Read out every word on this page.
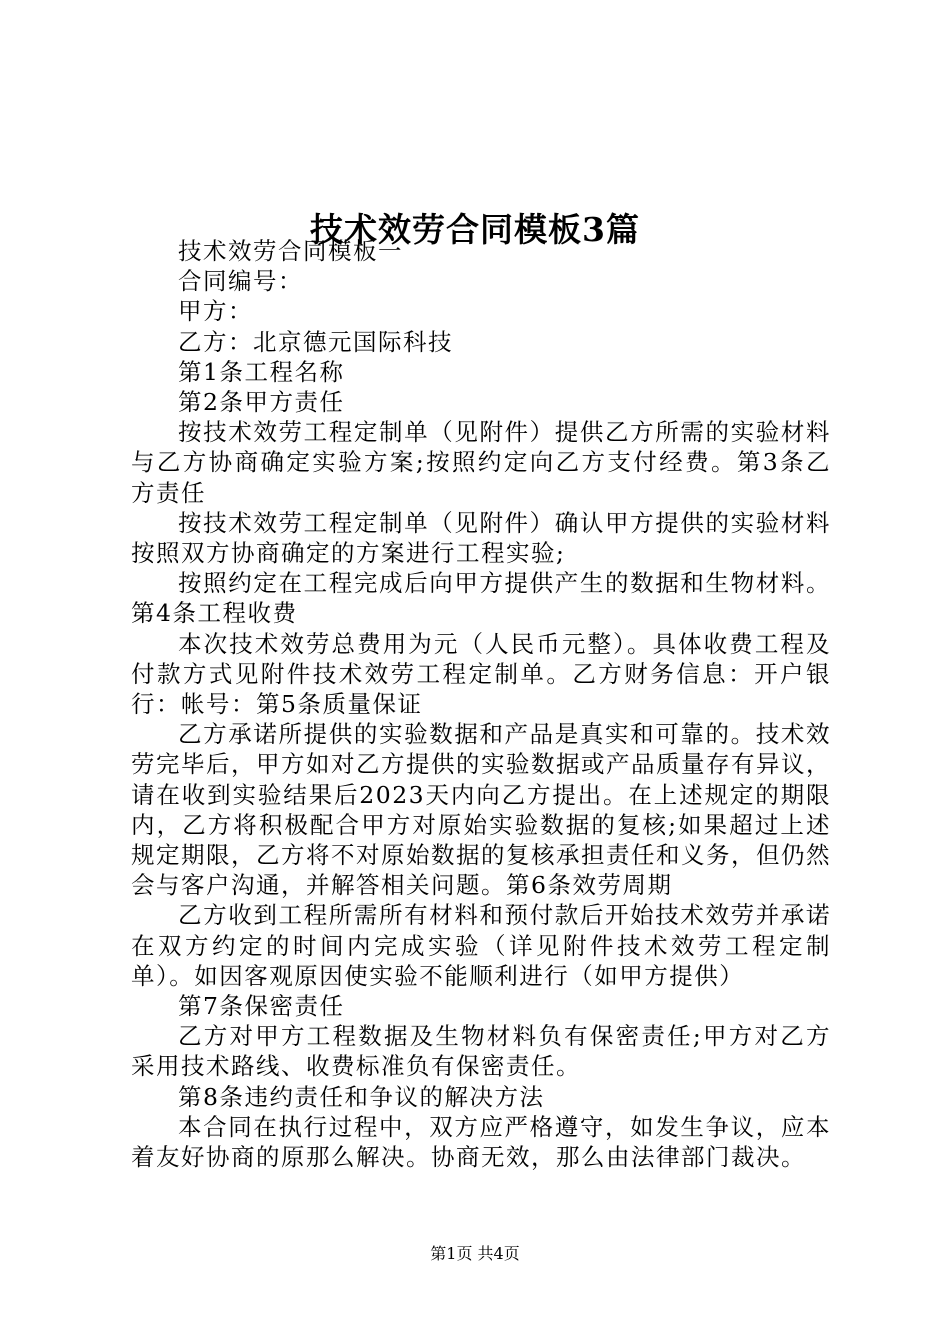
技术效劳合同模板3篇

技术效劳合同模板一

合同编号：

甲方：

乙方：北京德元国际科技

第1条工程名称

第2条甲方责任

按技术效劳工程定制单（见附件）提供乙方所需的实验材料与乙方协商确定实验方案;按照约定向乙方支付经费。第3条乙方责任

按技术效劳工程定制单（见附件）确认甲方提供的实验材料按照双方协商确定的方案进行工程实验;

按照约定在工程完成后向甲方提供产生的数据和生物材料。第4条工程收费

本次技术效劳总费用为元（人民币元整）。具体收费工程及付款方式见附件技术效劳工程定制单。乙方财务信息：开户银行：帐号：第5条质量保证

乙方承诺所提供的实验数据和产品是真实和可靠的。技术效劳完毕后，甲方如对乙方提供的实验数据或产品质量存有异议，请在收到实验结果后2023天内向乙方提出。在上述规定的期限内，乙方将积极配合甲方对原始实验数据的复核;如果超过上述规定期限，乙方将不对原始数据的复核承担责任和义务，但仍然会与客户沟通，并解答相关问题。第6条效劳周期

乙方收到工程所需所有材料和预付款后开始技术效劳并承诺在双方约定的时间内完成实验（详见附件技术效劳工程定制单）。如因客观原因使实验不能顺利进行（如甲方提供）

第7条保密责任

乙方对甲方工程数据及生物材料负有保密责任;甲方对乙方采用技术路线、收费标准负有保密责任。

第8条违约责任和争议的解决方法

本合同在执行过程中，双方应严格遵守，如发生争议，应本着友好协商的原那么解决。协商无效，那么由法律部门裁决。

第1页 共4页
